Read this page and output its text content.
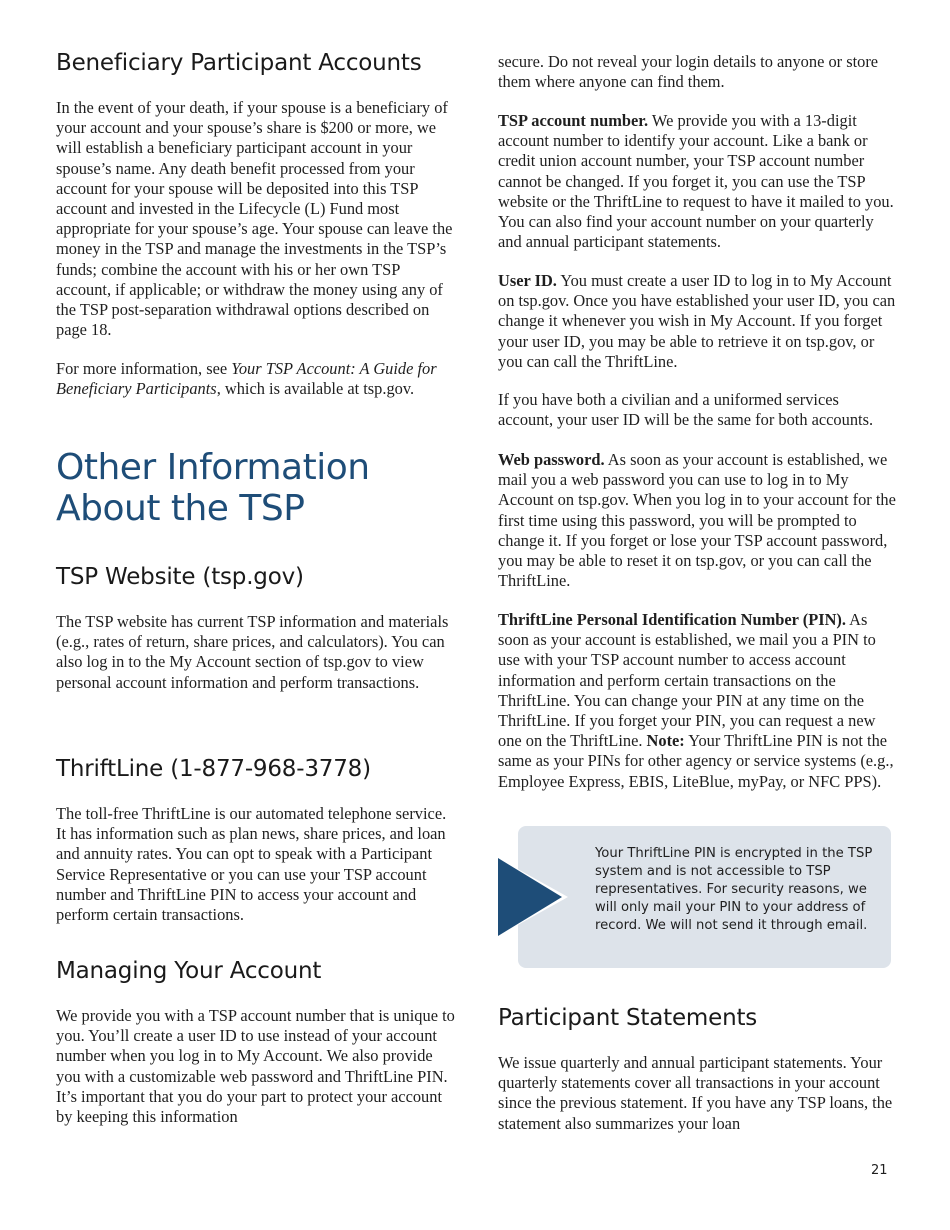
Beneficiary Participant Accounts

In the event of your death, if your spouse is a beneficiary of your account and your spouse’s share is $200 or more, we will establish a beneficiary participant account in your spouse’s name. Any death benefit processed from your account for your spouse will be deposited into this TSP account and invested in the Lifecycle (L) Fund most appropriate for your spouse’s age. Your spouse can leave the money in the TSP and manage the investments in the TSP’s funds; combine the account with his or her own TSP account, if applicable; or withdraw the money using any of the TSP post-separation withdrawal options described on page 18.

For more information, see Your TSP Account: A Guide for Beneficiary Participants, which is available at tsp.gov.

Other Information
About the TSP
TSP Website (tsp.gov)

The TSP website has current TSP information and materials (e.g., rates of return, share prices, and calculators). You can also log in to the My Account section of tsp.gov to view personal account information and perform transactions.

ThriftLine (1-877-968-3778)

The toll-free ThriftLine is our automated telephone service. It has information such as plan news, share prices, and loan and annuity rates. You can opt to speak with a Participant Service Representative or you can use your TSP account number and ThriftLine PIN to access your account and perform certain transactions.

Managing Your Account

We provide you with a TSP account number that is unique to you. You’ll create a user ID to use instead of your account number when you log in to My Account. We also provide you with a customizable web password and ThriftLine PIN. It’s important that you do your part to protect your account by keeping this information

secure. Do not reveal your login details to anyone or store them where anyone can find them.

TSP account number. We provide you with a 13-digit account number to identify your account. Like a bank or credit union account number, your TSP account number cannot be changed. If you forget it, you can use the TSP website or the ThriftLine to request to have it mailed to you. You can also find your account number on your quarterly and annual participant statements.

User ID. You must create a user ID to log in to My Account on tsp.gov. Once you have established your user ID, you can change it whenever you wish in My Account. If you forget your user ID, you may be able to retrieve it on tsp.gov, or you can call the ThriftLine.

If you have both a civilian and a uniformed services account, your user ID will be the same for both accounts.

Web password. As soon as your account is established, we mail you a web password you can use to log in to My Account on tsp.gov. When you log in to your account for the first time using this password, you will be prompted to change it. If you forget or lose your TSP account password, you may be able to reset it on tsp.gov, or you can call the ThriftLine.

ThriftLine Personal Identification Number (PIN). As soon as your account is established, we mail you a PIN to use with your TSP account number to access account information and perform certain transactions on the ThriftLine. You can change your PIN at any time on the ThriftLine. If you forget your PIN, you can request a new one on the ThriftLine. Note: Your ThriftLine PIN is not the same as your PINs for other agency or service systems (e.g., Employee Express, EBIS, LiteBlue, myPay, or NFC PPS).

Participant Statements

We issue quarterly and annual participant statements. Your quarterly statements cover all transactions in your account since the previous statement. If you have any TSP loans, the statement also summarizes your loan

Your ThriftLine PIN is encrypted in the TSP system and is not accessible to TSP representatives. For security reasons, we will only mail your PIN to your address of record. We will not send it through email.

21
